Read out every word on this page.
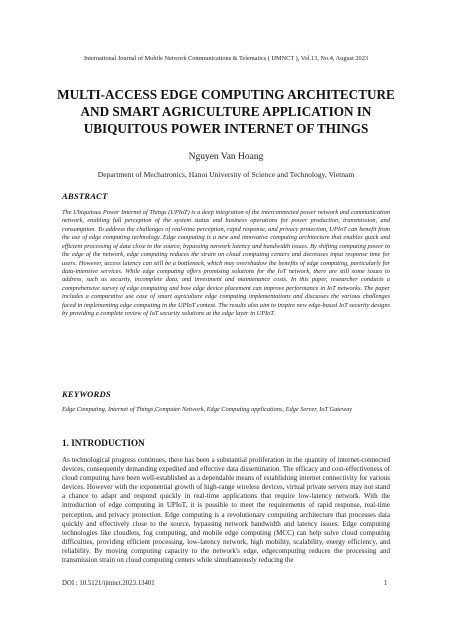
International Journal of Mobile Network Communications & Telematics ( IJMNCT ), Vol.13, No.4, August 2023
MULTI-ACCESS EDGE COMPUTING ARCHITECTURE
AND SMART AGRICULTURE APPLICATION IN
UBIQUITOUS POWER INTERNET OF THINGS
Nguyen Van Hoang
Department of Mechatronics, Hanoi University of Science and Technology, Vietnam
ABSTRACT
The Ubiquitous Power Internet of Things (UPIoT) is a deep integration of the interconnected power network and communication network, enabling full perception of the system status and business operations for power production, transmission, and consumption. To address the challenges of real-time perception, rapid response, and privacy protection, UPIoT can benefit from the use of edge computing technology. Edge computing is a new and innovative computing architecture that enables quick and efficient processing of data close to the source, bypassing network latency and bandwidth issues. By shifting computing power to the edge of the network, edge computing reduces the strain on cloud computing centers and decreases input response time for users. However, access latency can still be a bottleneck, which may overshadow the benefits of edge computing, particularly for data-intensive services. While edge computing offers promising solutions for the IoT network, there are still some issues to address, such as security, incomplete data, and investment and maintenance costs. In this paper, researcher conducts a comprehensive survey of edge computing and how edge device placement can improve performance in IoT networks. The paper includes a comparative use case of smart agriculture edge computing implementations and discusses the various challenges faced in implementing edge computing in the UPIoT context. The results also aim to inspire new edge-based IoT security designs by providing a complete review of IoT security solutions at the edge layer in UPIoT.
KEYWORDS
Edge Computing, Internet of Things,Computer Network, Edge Computing applications, Edge Server, IoT Gateway
1. INTRODUCTION
As technological progress continues, there has been a substantial proliferation in the quantity of internet-connected devices, consequently demanding expedited and effective data dissemination. The efficacy and cost-effectiveness of cloud computing have been well-established as a dependable means of establishing internet connectivity for various devices. However with the exponential growth of high-range wireless devices, virtual private servers may not stand a chance to adapt and respond quickly in real-time applications that require low-latency network. With the introduction of edge computing in UPIoT, it is possible to meet the requirements of rapid response, real-time perception, and privacy protection. Edge computing is a revolutionary computing architecture that processes data quickly and effectively close to the source, bypassing network bandwidth and latency issues. Edge computing technologies like cloudlets, fog computing, and mobile edge computing (MCC) can help solve cloud computing difficulties, providing efficient processing, low-latency network, high mobility, scalability, energy efficiency, and reliability. By moving computing capacity to the network's edge, edgecomputing reduces the processing and transmission strain on cloud computing centers while simultaneously reducing the
DOI : 10.5121/ijmnct.2023.13401	1
